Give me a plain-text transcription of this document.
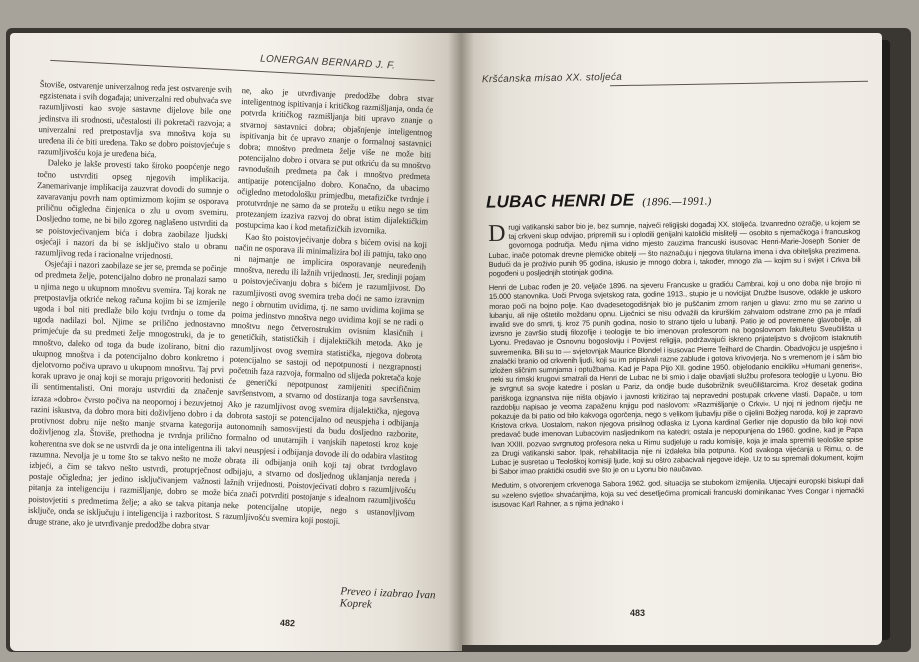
LONERGAN BERNARD J. F.

Štoviše, ostvarenje univerzalnog reda jest ostvarenje svih egzistenata i svih događaja; univerzalni red obuhvaća sve razumljivosti kao svoje sastavne dijelove bile one jedinstva ili srodnosti, učestalosti ili pokretači razvoja; a univerzalni red pretpostavlja sva mnoštva koja su uređena ili će biti uređena. Tako se dobro poistovjećuje s razumljivošću koja je uređena bića.

Daleko je lakše provesti tako široko poopćenje nego točno ustvrditi opseg njegovih implikacija. Zanemarivanje implikacija zauzvrat dovodi do sumnje o zavaravanju povrh nam optimizmom kojim se osporava priličnu očigledna činjenica o zlu u ovom svemiru. Dosljedno tome, ne bi bilo zgoreg naglašeno ustvrditi da se poistovjećivanjem bića i dobra zaobilaze ljudski osjećaji i nazori da bi se isključivo stalo u obranu razumljivog reda i racionalne vrijednosti.

Osjećaji i nazori zaobilaze se jer se, premda se počinje od predmeta želje, potencijalno dobro ne pronalazi samo u njima nego u ukupnom mnoštvu svemira. Taj korak ne pretpostavlja otkriće nekog računa kojim bi se izmjerile ugoda i bol niti predlaže bilo koju tvrdnju o tome da ugoda nadilazi bol. Njime se prilično jednostavno primjećuje da su predmeti želje mnogostruki, da je to mnoštvo, daleko od toga da bude izolirano, bitni dio ukupnog mnoštva i da potencijalno dobro konkretno i djelotvorno počiva upravo u ukupnom mnoštvu. Taj prvi korak upravo je onaj koji se moraju prigovoriti hedonisti ili sentimentalisti. Oni moraju ustvrditi da značenje izraza »dobro« čvrsto počiva na neopornoj i bezuvjetnoj razini iskustva, da dobro mora biti doživljeno dobro i da protivnost dobru nije nešto manje stvarna kategorija doživljenog zla. Štoviše, prethodna je tvrdnja prilično koherentna sve dok se ne ustvrdi da je ona inteligentna ili razumna. Nevolja je u tome što se takvo nešto ne može izbjeći, a čim se takvo nešto ustvrdi, protuprječnost postaje očigledna; jer jedino isključivanjem važnosti pitanja za inteligenciju i razmišljanje, dobro se može poistovjetiti s predmetima želje; a ako se takva pitanja isključe, onda se isključuju i inteligencija i razboritost. S druge strane, ako je utvrđivanje predodžbe dobra stvar

ne, ako je utvrđivanje predodžbe dobra stvar inteligentnog ispitivanja i kritičkog razmišljanja, onda će potvrda kritičkog razmišljanja biti upravo znanje o stvarnoj sastavnici dobra; objašnjenje inteligentnog ispitivanja bit će upravo znanje o formalnoj sastavnici dobra; mnoštvo predmeta želje više ne može biti potencijalno dobro i otvara se put otkriću da su mnoštvo ravnodušnih predmeta pa čak i mnoštvo predmeta antipatije potencijalno dobro. Konačno, da ubacimo očigledno metodološku primjedbu, metafizičke tvrdnje i protutvrdnje ne samo da se protežu u etiku nego se tim protezanjem izaziva razvoj do obrat istim dijalektičkim postupcima kao i kod metafizičkih izvornika.

Kao što poistovjećivanje dobra s bićem ovisi na koji način ne osporava ili minimalizira bol ili patnju, tako ono ni najmanje ne implicira osporavanje neuređenih mnoštva, neredu ili lažnih vrijednosti. Jer, sredinji pojam u poistovjećivanju dobra s bićem je razumljivost. Do razumljivosti ovog svemira treba doći ne samo izravnim nego i obrnutim uvidima, tj. ne samo uvidima kojima se poima jedinstvo mnoštva nego uvidima koji se ne radi o mnoštvu nego četverostrukim ovisnim klasičnih i genetičkih, statističkih i dijalektičkih metoda. Ako je razumljivost ovog svemira statistička, njegova dobrota potencijalno se sastoji od nepotpunosti i nezgrapnosti početnih faza razvoja, formalno od slijeda pokretača koje će generički nepotpunost zamijeniti specifičnim savršenstvom, a stvarno od dostizanja toga savršenstva. Ako je razumljivost ovog svemira dijalektička, njegova dobrota sastoji se potencijalno od neuspjeha i odbijanja autonomnih samosvijesti da budu dosljedno razborite, formalno od unutarnjih i vanjskih napetosti kroz koje takvi neuspjesi i odbijanja dovode ili do odabira vlastitog obrata ili odbijanja onih koji taj obrat tvrdoglavo odbijaju, a stvarno od dosljednog uklanjanja nereda i lažnih vrijednosti. Poistovjećivati dobro s razumljivošću bića znači potvrditi postojanje s idealnom razumljivošću neke potencijalne utopije, nego s ustanovljivom razumljivošću svemira koji postoji.

Preveo i izabrao Ivan Koprek
482
Kršćanska misao XX. stoljeća
LUBAC HENRI DE (1896.—1991.)

Drugi vatikanski sabor bio je, bez sumnje, najveći religijski događaj XX. stoljeća. Izvanredno ozračje, u kojem se taj crkveni skup odvijao, pripremili su i oplodili genijalni katolički mislitelji — osobito s njemačkoga i francuskog govornoga područja. Među njima vidno mjesto zauzima francuski isusovac Henri-Marie-Joseph Sonier de Lubac, inače potomak drevne plemićke obitelji — što naznačuju i njegova titularna imena i dva obiteljska prezimena. Budući da je proživio punih 95 godina, iskusio je mnogo dobra i, također, mnogo zla — kojim su i svijet i Crkva bili pogođeni u posljednjih stotinjak godina.

Henri de Lubac rođen je 20. veljače 1896. na sjeveru Francuske u gradiću Cambrai, koji u ono doba nije brojio ni 15.000 stanovnika. Uoči Prvoga svjetskog rata, godine 1913., stupio je u novicijat Družbe Isusove, odakle je uskoro morao poći na bojno polje. Kao dvadesetogodišnjak bio je puščanim zrnom ranjen u glavu: zrno mu se zariло u lubanju, ali nije oštetilo moždanu opnu. Liječnici se nisu odvažili da kirurškim zahvatom odstrane zrno pa je mladi invalid sve do smrti, tj. kroz 75 punih godina, nosio to strano tijelo u lubanji. Patio je od povremene glavobolje, ali izvrsno je završio studij filozofije i teologije te bio imenovan profesorom na bogoslovnom fakultetu Sveučilišta u Lyonu. Predavao je Osnovnu bogosloviju i Povijest religija, podržavajući iskreno prijateljstvo s dvojicom istaknutih suvremenika. Bili su to — svjetovnjak Maurice Blondel i isusovac Pierre Teilhard de Chardin. Obadvojicu je uspješno i znalački branio od crkvenih ljudi, koji su im pripisivali razne zablude i gotova krivovjerja. No s vremenom je i sâm bio izložen sličnim sumnjama i optužbama. Kad je Papa Pijo XII. godine 1950. objelodanio encikliku »Humani generis«, neki su rimski krugovi smatrali da Henri de Lubac ne bi smio i dalje obavljati službu profesora teologije u Lyonu. Bio je svrgnut sa svoje katedre i poslan u Pariz, da ondje bude dušobrižnik sveučilištarcima. Kroz desetak godina pariškoga izgnanstva nije ništa objavio i javnosti kritizirao taj nepravedni postupak crkvene vlasti. Dapače, u tom razdoblju napisao je veoma zapaženu knjigu pod naslovom: »Razmišljanje o Crkvi«. U njoj ni jednom riječju ne pokazuje da bi patio od bilo kakvoga ogorčenja, nego s velikom ljubavlju piše o cijelini Božjeg naroda, koji je zapravo Kristova crkva. Uostalom, nakon njegova prisilnog odlaska iz Lyona kardinal Gerlier nije dopustio da bilo koji novi predavač bude imenovan Lubacovim nasljednikom na katedri; ostala je nepopunjena do 1960. godine, kad je Papa Ivan XXIII. pozvao svrgnutog profesora neka u Rimu sudjeluje u radu komisije, koja je imala spremiti teološke spise za Drugi vatikanski sabor. Ipak, rehabilitacija nije ni izdaleka bila potpuna. Kod svakoga vijećanja u Rimu, o. de Lubac je susretao u Teološkoj komisiji ljude, koji su oštro zabacivali njegove ideje. Uz to su spremali dokument, kojim bi Sabor imao praktički osuditi sve što je on u Lyonu bio naučavao.

Međutim, s otvorenjem crkvenoga Sabora 1962. god. situacija se stubokom izmijenila. Utjecajni europski biskupi dali su »zeleno svjetlo« shvaćanjima, koja su već desetljećima promicali francuski dominikanac Yves Congar i njemački isusovac Karl Rahner, a s njima jednako i

483
